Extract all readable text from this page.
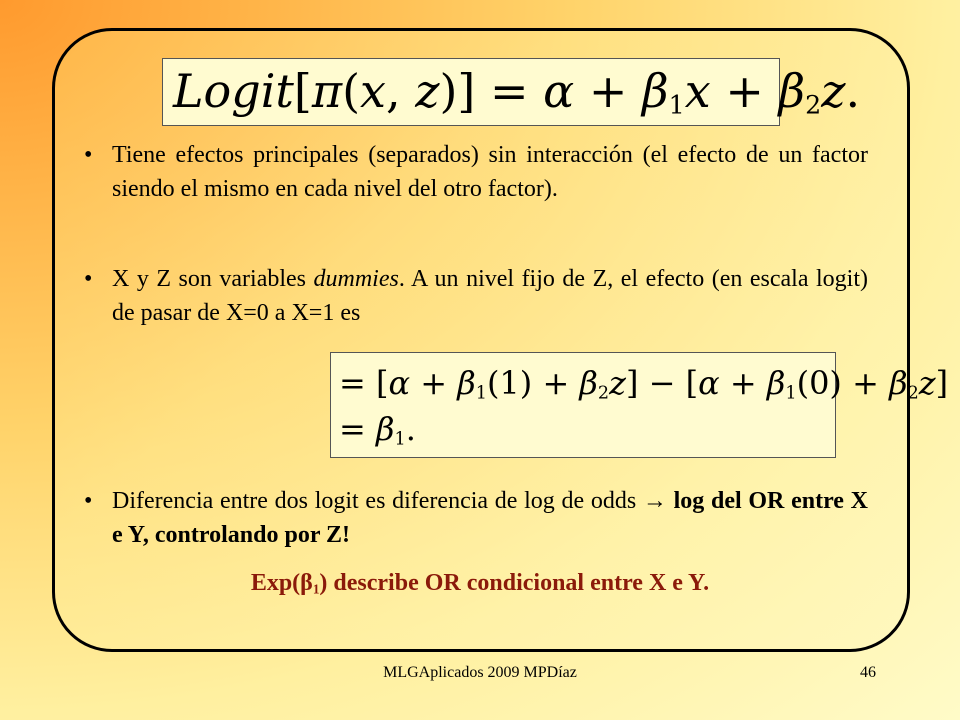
Logit[π(x, $z)] = \alpha + \beta_1x + \beta_2z$.
• Tiene efectos principales (separados) sin interacción (el efecto de un factor siendo el mismo en cada nivel del otro factor).
• X y Z son variables dummies. A un nivel fijo de Z, el efecto (en escala logit) de pasar de X=0 a X=1 es
= $[\alpha + \beta_1(1) + \beta_2z] - [\alpha + \beta_1(0) + \beta_2z]$
= $\beta_1$.
• Diferencia entre dos logit es diferencia de log de odds → log del OR entre X e Y, controlando por Z!
$Exp(\beta_1)$ describe OR condicional entre X e Y.
MLGAplicados 2009 MPDíaz	46
